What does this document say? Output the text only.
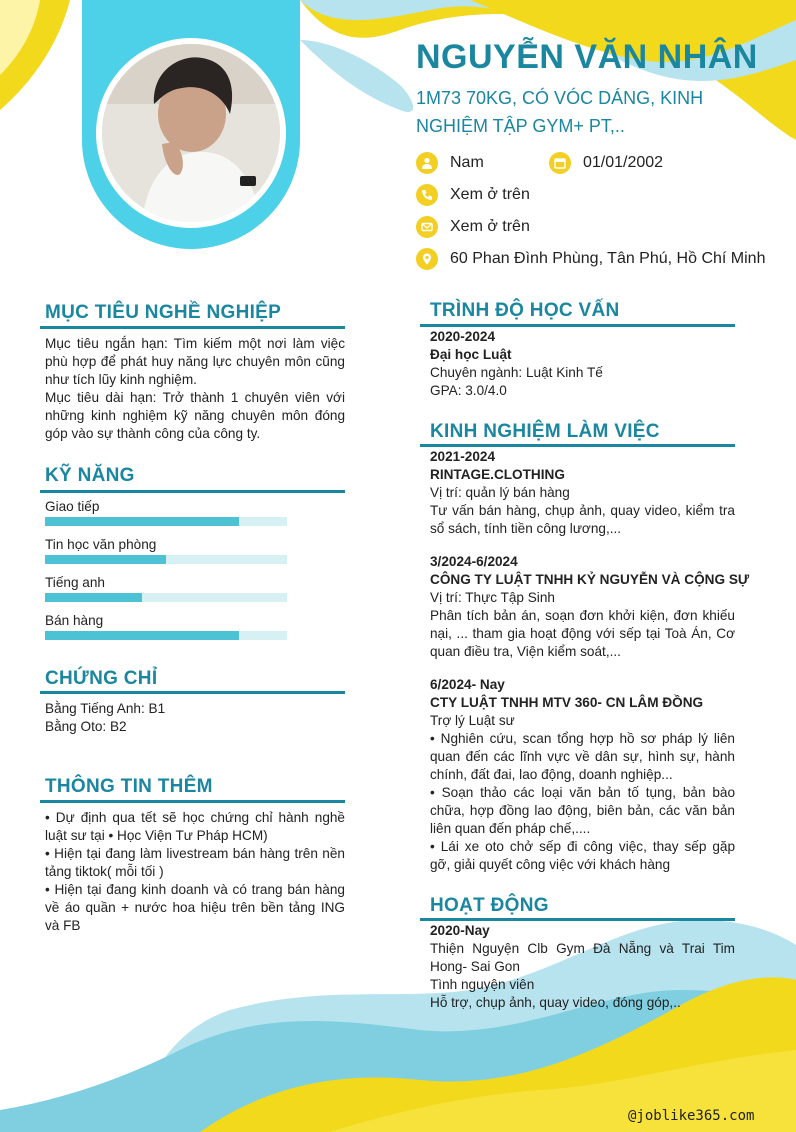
NGUYỄN VĂN NHÂN
1M73 70KG, CÓ VÓC DÁNG, KINH NGHIỆM TẬP GYM+ PT,..
Nam	01/01/2002
Xem ở trên
Xem ở trên
60 Phan Đình Phùng, Tân Phú, Hồ Chí Minh
MỤC TIÊU NGHỀ NGHIỆP

Mục tiêu ngắn hạn: Tìm kiếm một nơi làm việc phù hợp để phát huy năng lực chuyên môn cũng như tích lũy kinh nghiệm.

Mục tiêu dài hạn: Trở thành 1 chuyên viên với những kinh nghiệm kỹ năng chuyên môn đóng góp vào sự thành công của công ty.

KỸ NĂNG
Giao tiếp
Tin học văn phòng
Tiếng anh
Bán hàng
CHỨNG CHỈ

Bằng Tiếng Anh: B1

Bằng Oto: B2

THÔNG TIN THÊM

• Dự định qua tết sẽ học chứng chỉ hành nghề luật sư tại • Học Viện Tư Pháp HCM)

• Hiện tại đang làm livestream bán hàng trên nền tảng tiktok( mỗi tối )

• Hiện tại đang kinh doanh và có trang bán hàng về áo quần + nước hoa hiệu trên bền tảng ING và FB

TRÌNH ĐỘ HỌC VẤN
2020-2024
Đại học Luật
Chuyên ngành: Luật Kinh Tế
GPA: 3.0/4.0
KINH NGHIỆM LÀM VIỆC
2021-2024
RINTAGE.CLOTHING
Vị trí: quản lý bán hàng
Tư vấn bán hàng, chụp ảnh, quay video, kiểm tra sổ sách, tính tiền công lương,...
3/2024-6/2024
CÔNG TY LUẬT TNHH KỶ NGUYỄN VÀ CỘNG SỰ
Vị trí: Thực Tập Sinh
Phân tích bản án, soạn đơn khởi kiện, đơn khiếu nại, ... tham gia hoạt động với sếp tại Toà Án, Cơ quan điều tra, Viện kiểm soát,...
6/2024- Nay
CTY LUẬT TNHH MTV 360- CN LÂM ĐỒNG
Trợ lý Luật sư
• Nghiên cứu, scan tổng hợp hồ sơ pháp lý liên quan đến các lĩnh vực về dân sự, hình sự, hành chính, đất đai, lao động, doanh nghiệp...
• Soạn thảo các loại văn bản tố tụng, bản bào chữa, hợp đồng lao động, biên bản, các văn bản liên quan đến pháp chế,....
• Lái xe oto chở sếp đi công việc, thay sếp gặp gỡ, giải quyết công việc với khách hàng
HOẠT ĐỘNG
2020-Nay
Thiện Nguyện Clb Gym Đà Nẵng và Trai Tim Hong- Sai Gon
Tình nguyện viên
Hỗ trợ, chụp ảnh, quay video, đóng góp,..
@joblike365.com
